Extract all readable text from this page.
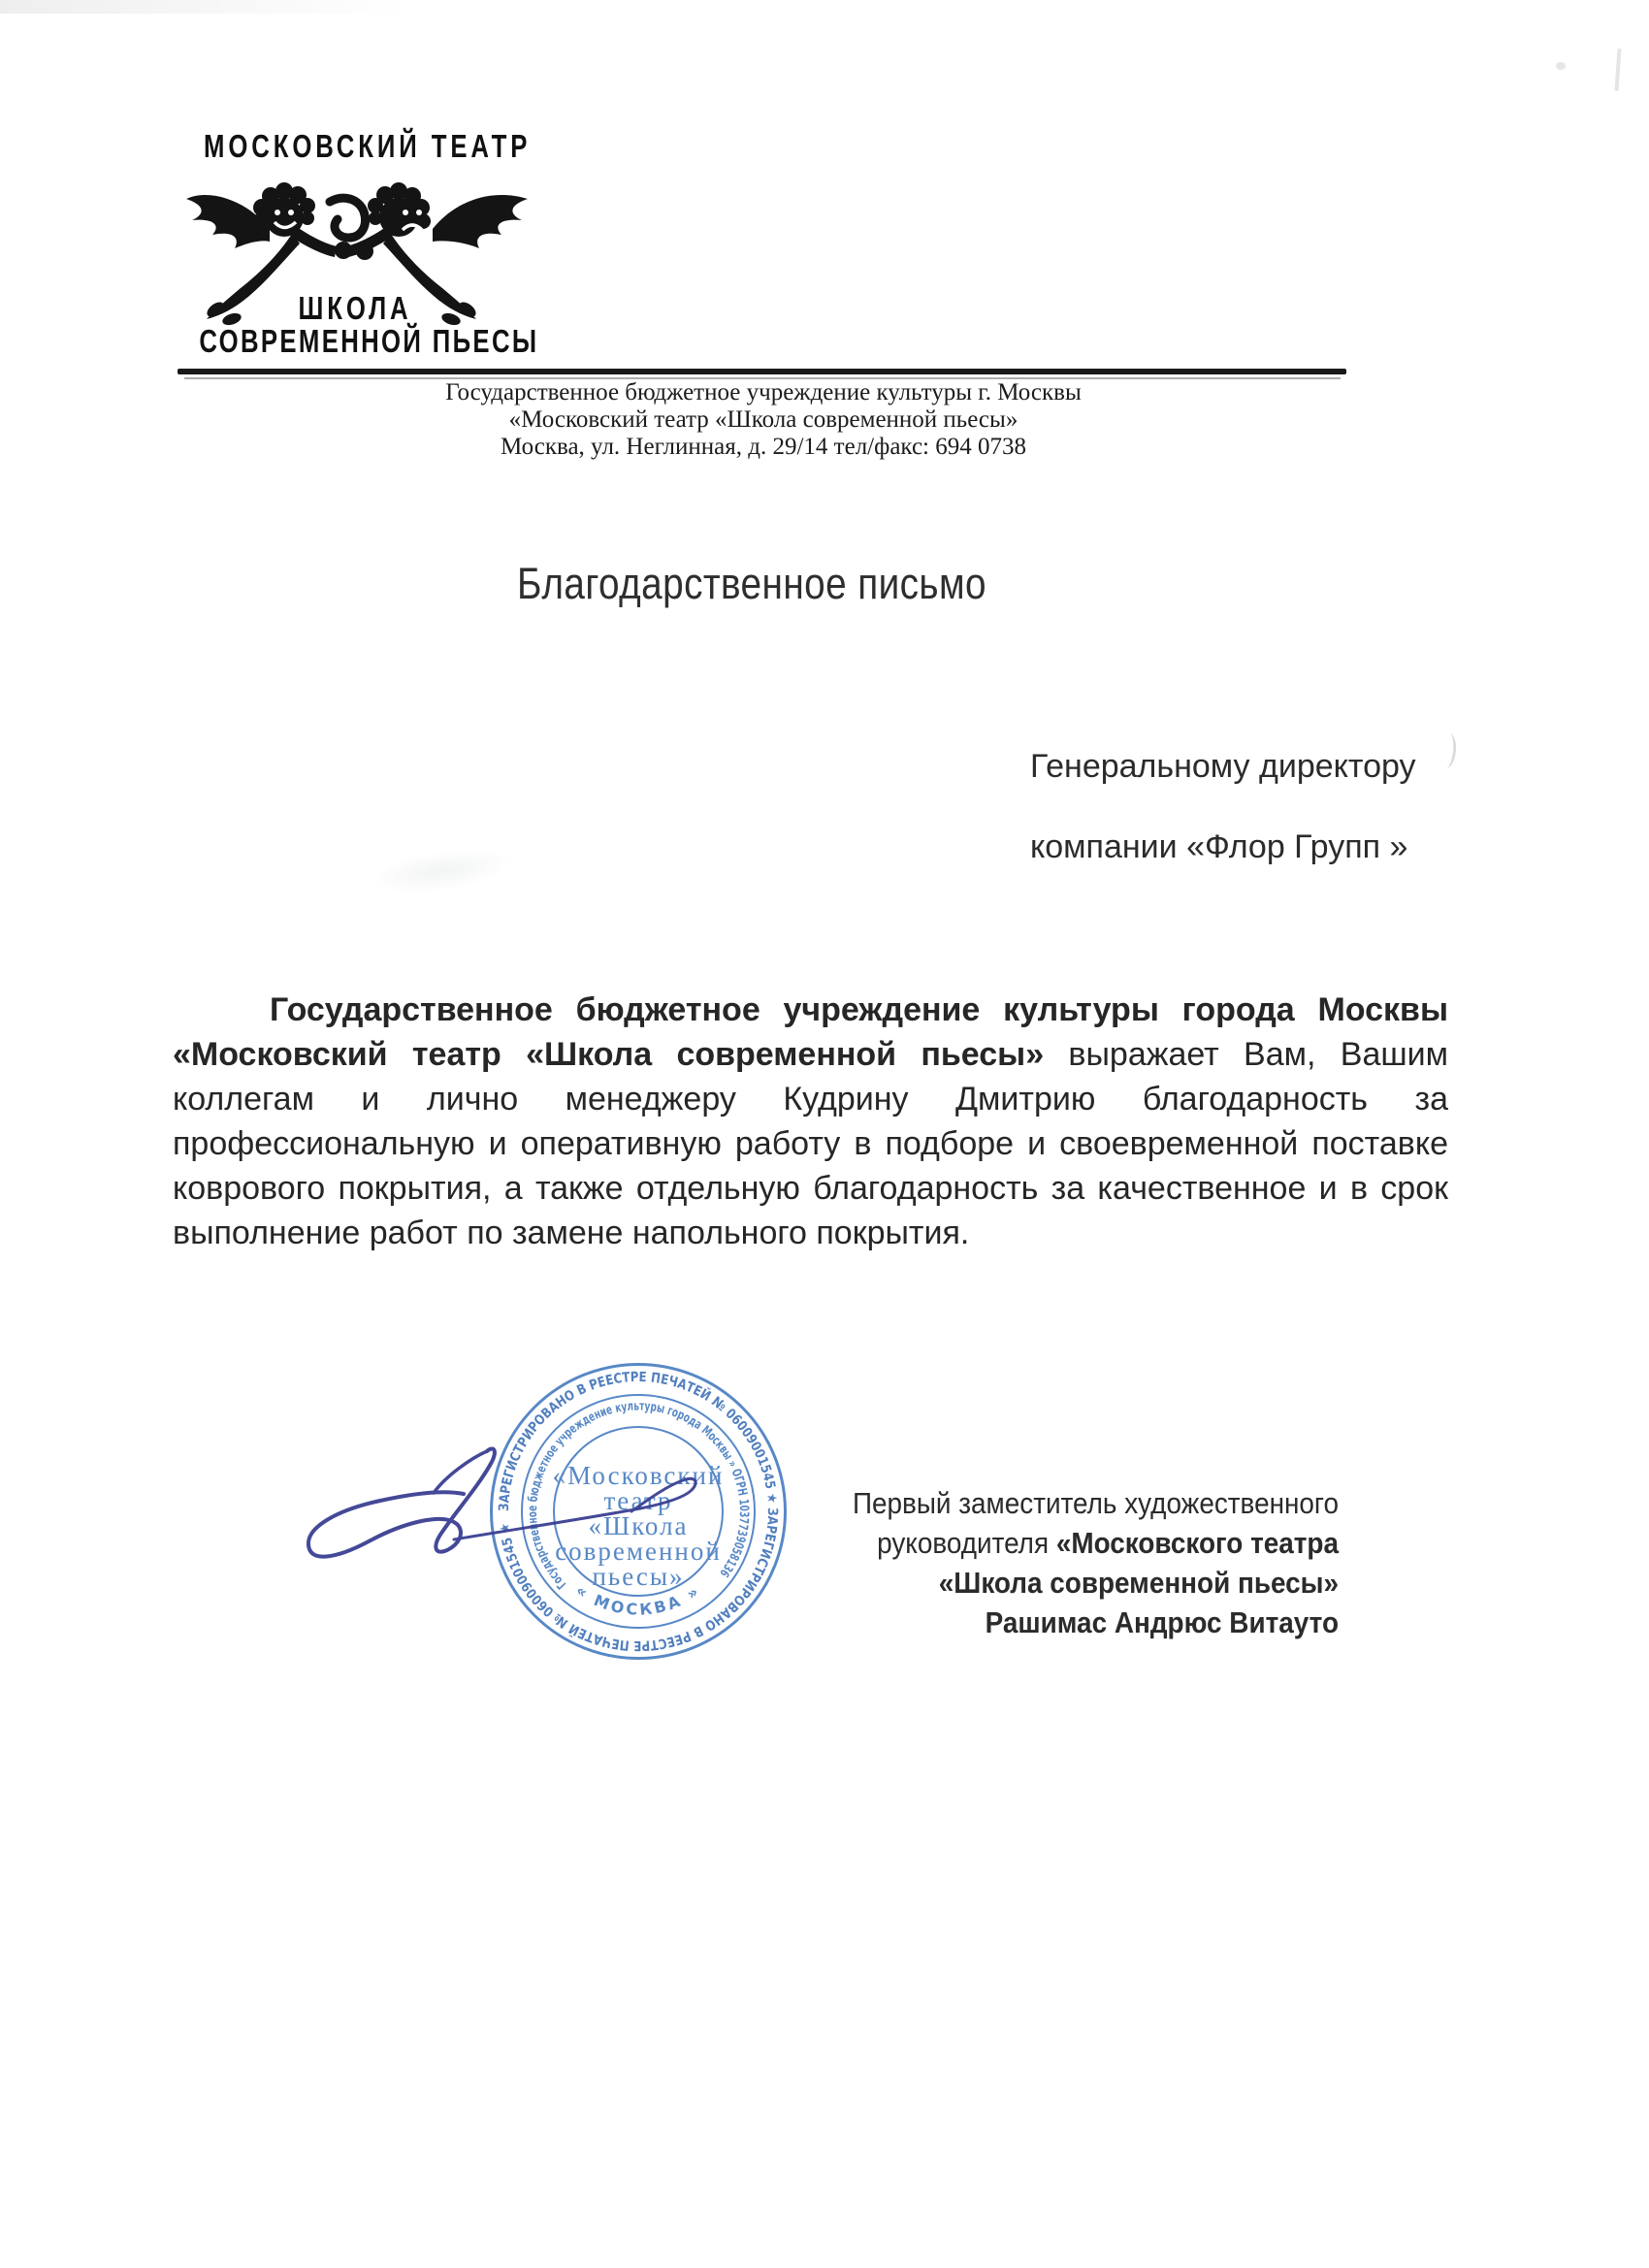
МОСКОВСКИЙ ТЕАТР
ШКОЛА
СОВРЕМЕННОЙ ПЬЕСЫ
Государственное бюджетное учреждение культуры г. Москвы
«Московский театр «Школа современной пьесы»
Москва, ул. Неглинная, д. 29/14 тел/факс: 694 0738
Благодарственное письмо
Генеральному директору
компании «Флор Групп »

Государственное бюджетное учреждение культуры города Москвы «Московский театр «Школа современной пьесы» выражает Вам, Вашим коллегам и лично менеджеру Кудрину Дмитрию благодарность за профессиональную и оперативную работу в подборе и своевременной поставке коврового покрытия, а также отдельную благодарность за качественное и в срок выполнение работ по замене напольного покрытия.

ЗАРЕГИСТРИРОВАНО В РЕЕСТРЕ ПЕЧАТЕЙ № 06009001545 ★ ЗАРЕГИСТРИРОВАНО В РЕЕСТРЕ ПЕЧАТЕЙ № 06009001545 ★
Государственное бюджетное учреждение культуры города Москвы » ОГРН 1037739058136
« МОСКВА »
«Московский
театр
«Школа
современной
пьесы»
Первый заместитель художественного
руководителя «Московского театра
«Школа современной пьесы»
Рашимас Андрюс Витауто
